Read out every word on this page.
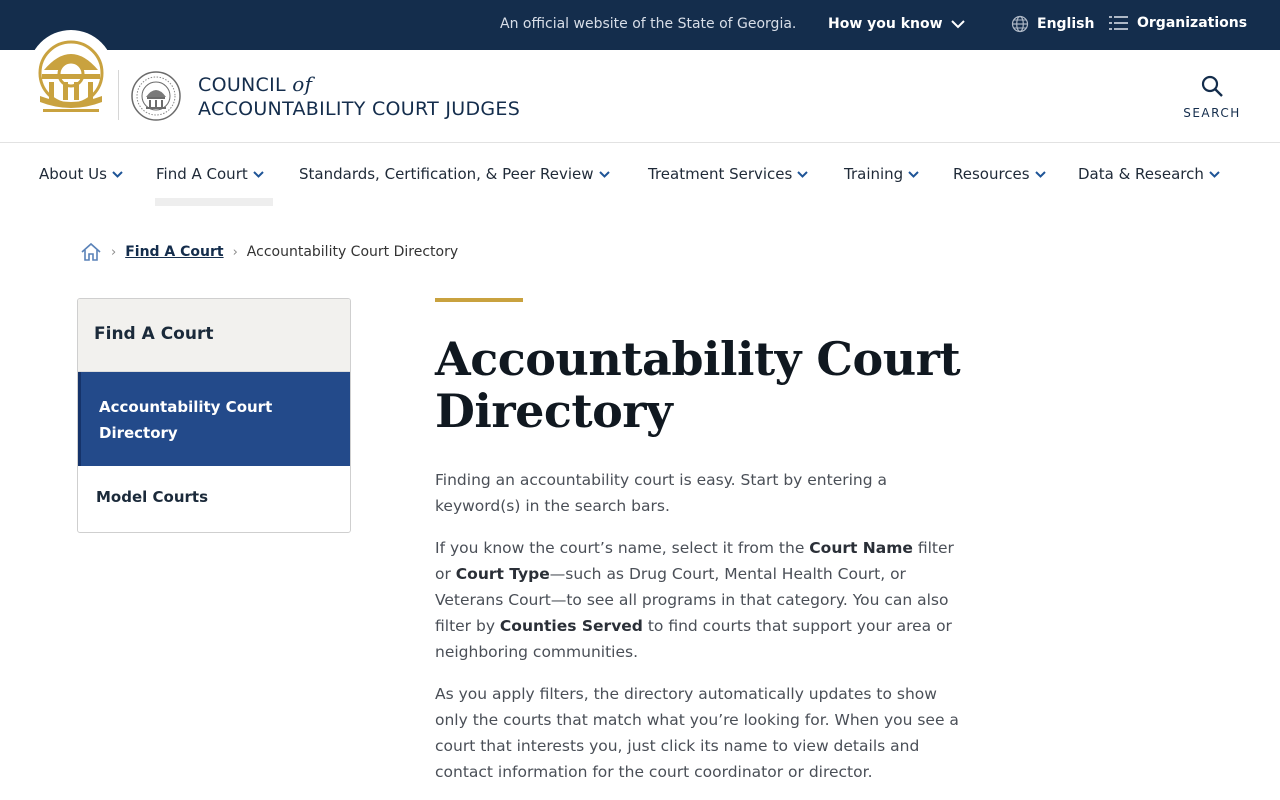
An official website of the State of Georgia. How you know	English	Organizations
COUNCIL of
ACCOUNTABILITY COURT JUDGES	SEARCH
About Us	Find A Court	Standards, Certification, & Peer Review	Treatment Services	Training	Resources	Data & Research
› Find A Court › Accountability Court Directory
Find A Court
Accountability Court Directory
Model Courts
Accountability Court Directory

Finding an accountability court is easy. Start by entering a keyword(s) in the search bars.

If you know the court’s name, select it from the Court Name filter or Court Type—such as Drug Court, Mental Health Court, or Veterans Court—to see all programs in that category. You can also filter by Counties Served to find courts that support your area or neighboring communities.

As you apply filters, the directory automatically updates to show only the courts that match what you’re looking for. When you see a court that interests you, just click its name to view details and contact information for the court coordinator or director.
